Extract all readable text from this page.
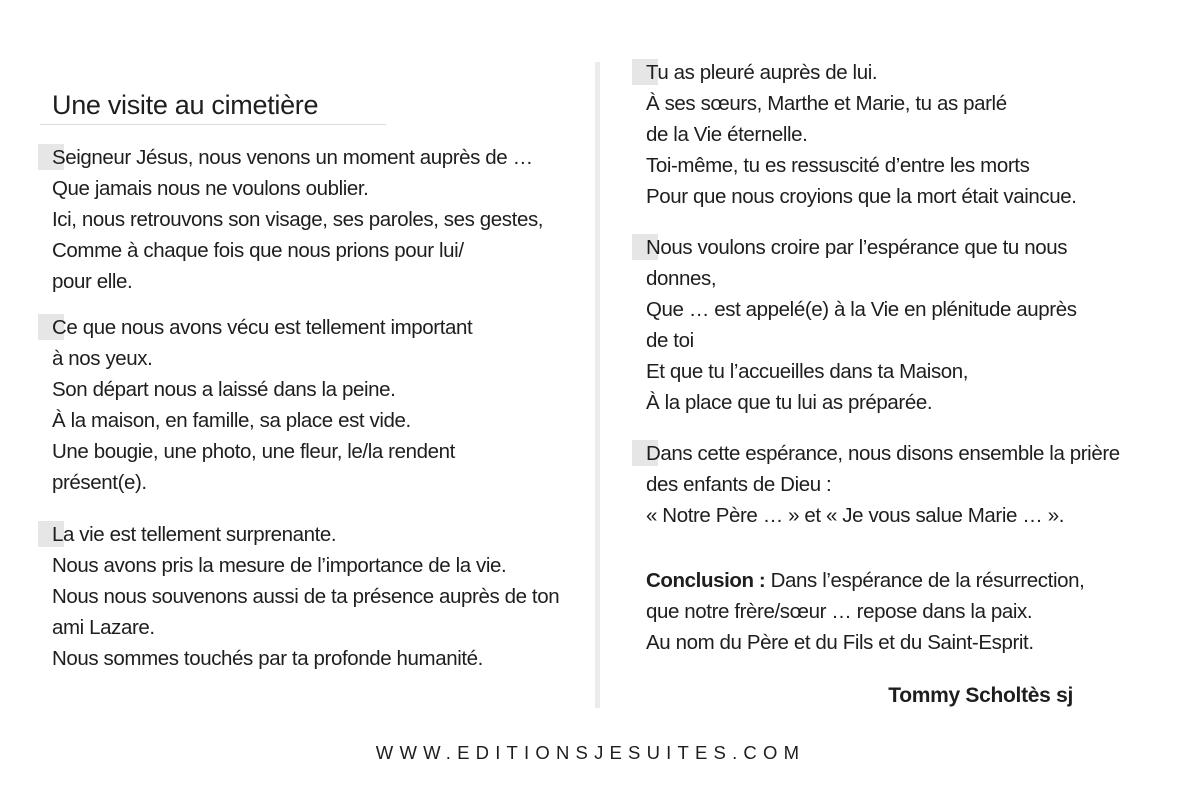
Une visite au cimetière
Seigneur Jésus, nous venons un moment auprès de …
Que jamais nous ne voulons oublier.
Ici, nous retrouvons son visage, ses paroles, ses gestes,
Comme à chaque fois que nous prions pour lui/
pour elle.
Ce que nous avons vécu est tellement important
à nos yeux.
Son départ nous a laissé dans la peine.
À la maison, en famille, sa place est vide.
Une bougie, une photo, une fleur, le/la rendent
présent(e).
La vie est tellement surprenante.
Nous avons pris la mesure de l’importance de la vie.
Nous nous souvenons aussi de ta présence auprès de ton
ami Lazare.
Nous sommes touchés par ta profonde humanité.
Tu as pleuré auprès de lui.
À ses sœurs, Marthe et Marie, tu as parlé
de la Vie éternelle.
Toi-même, tu es ressuscité d’entre les morts
Pour que nous croyions que la mort était vaincue.
Nous voulons croire par l’espérance que tu nous
donnes,
Que … est appelé(e) à la Vie en plénitude auprès
de toi
Et que tu l’accueilles dans ta Maison,
À la place que tu lui as préparée.
Dans cette espérance, nous disons ensemble la prière
des enfants de Dieu :
« Notre Père … » et « Je vous salue Marie … ».
Conclusion : Dans l’espérance de la résurrection,
que notre frère/sœur … repose dans la paix.
Au nom du Père et du Fils et du Saint-Esprit.
Tommy Scholtès sj
WWW.EDITIONSJESUITES.COM
